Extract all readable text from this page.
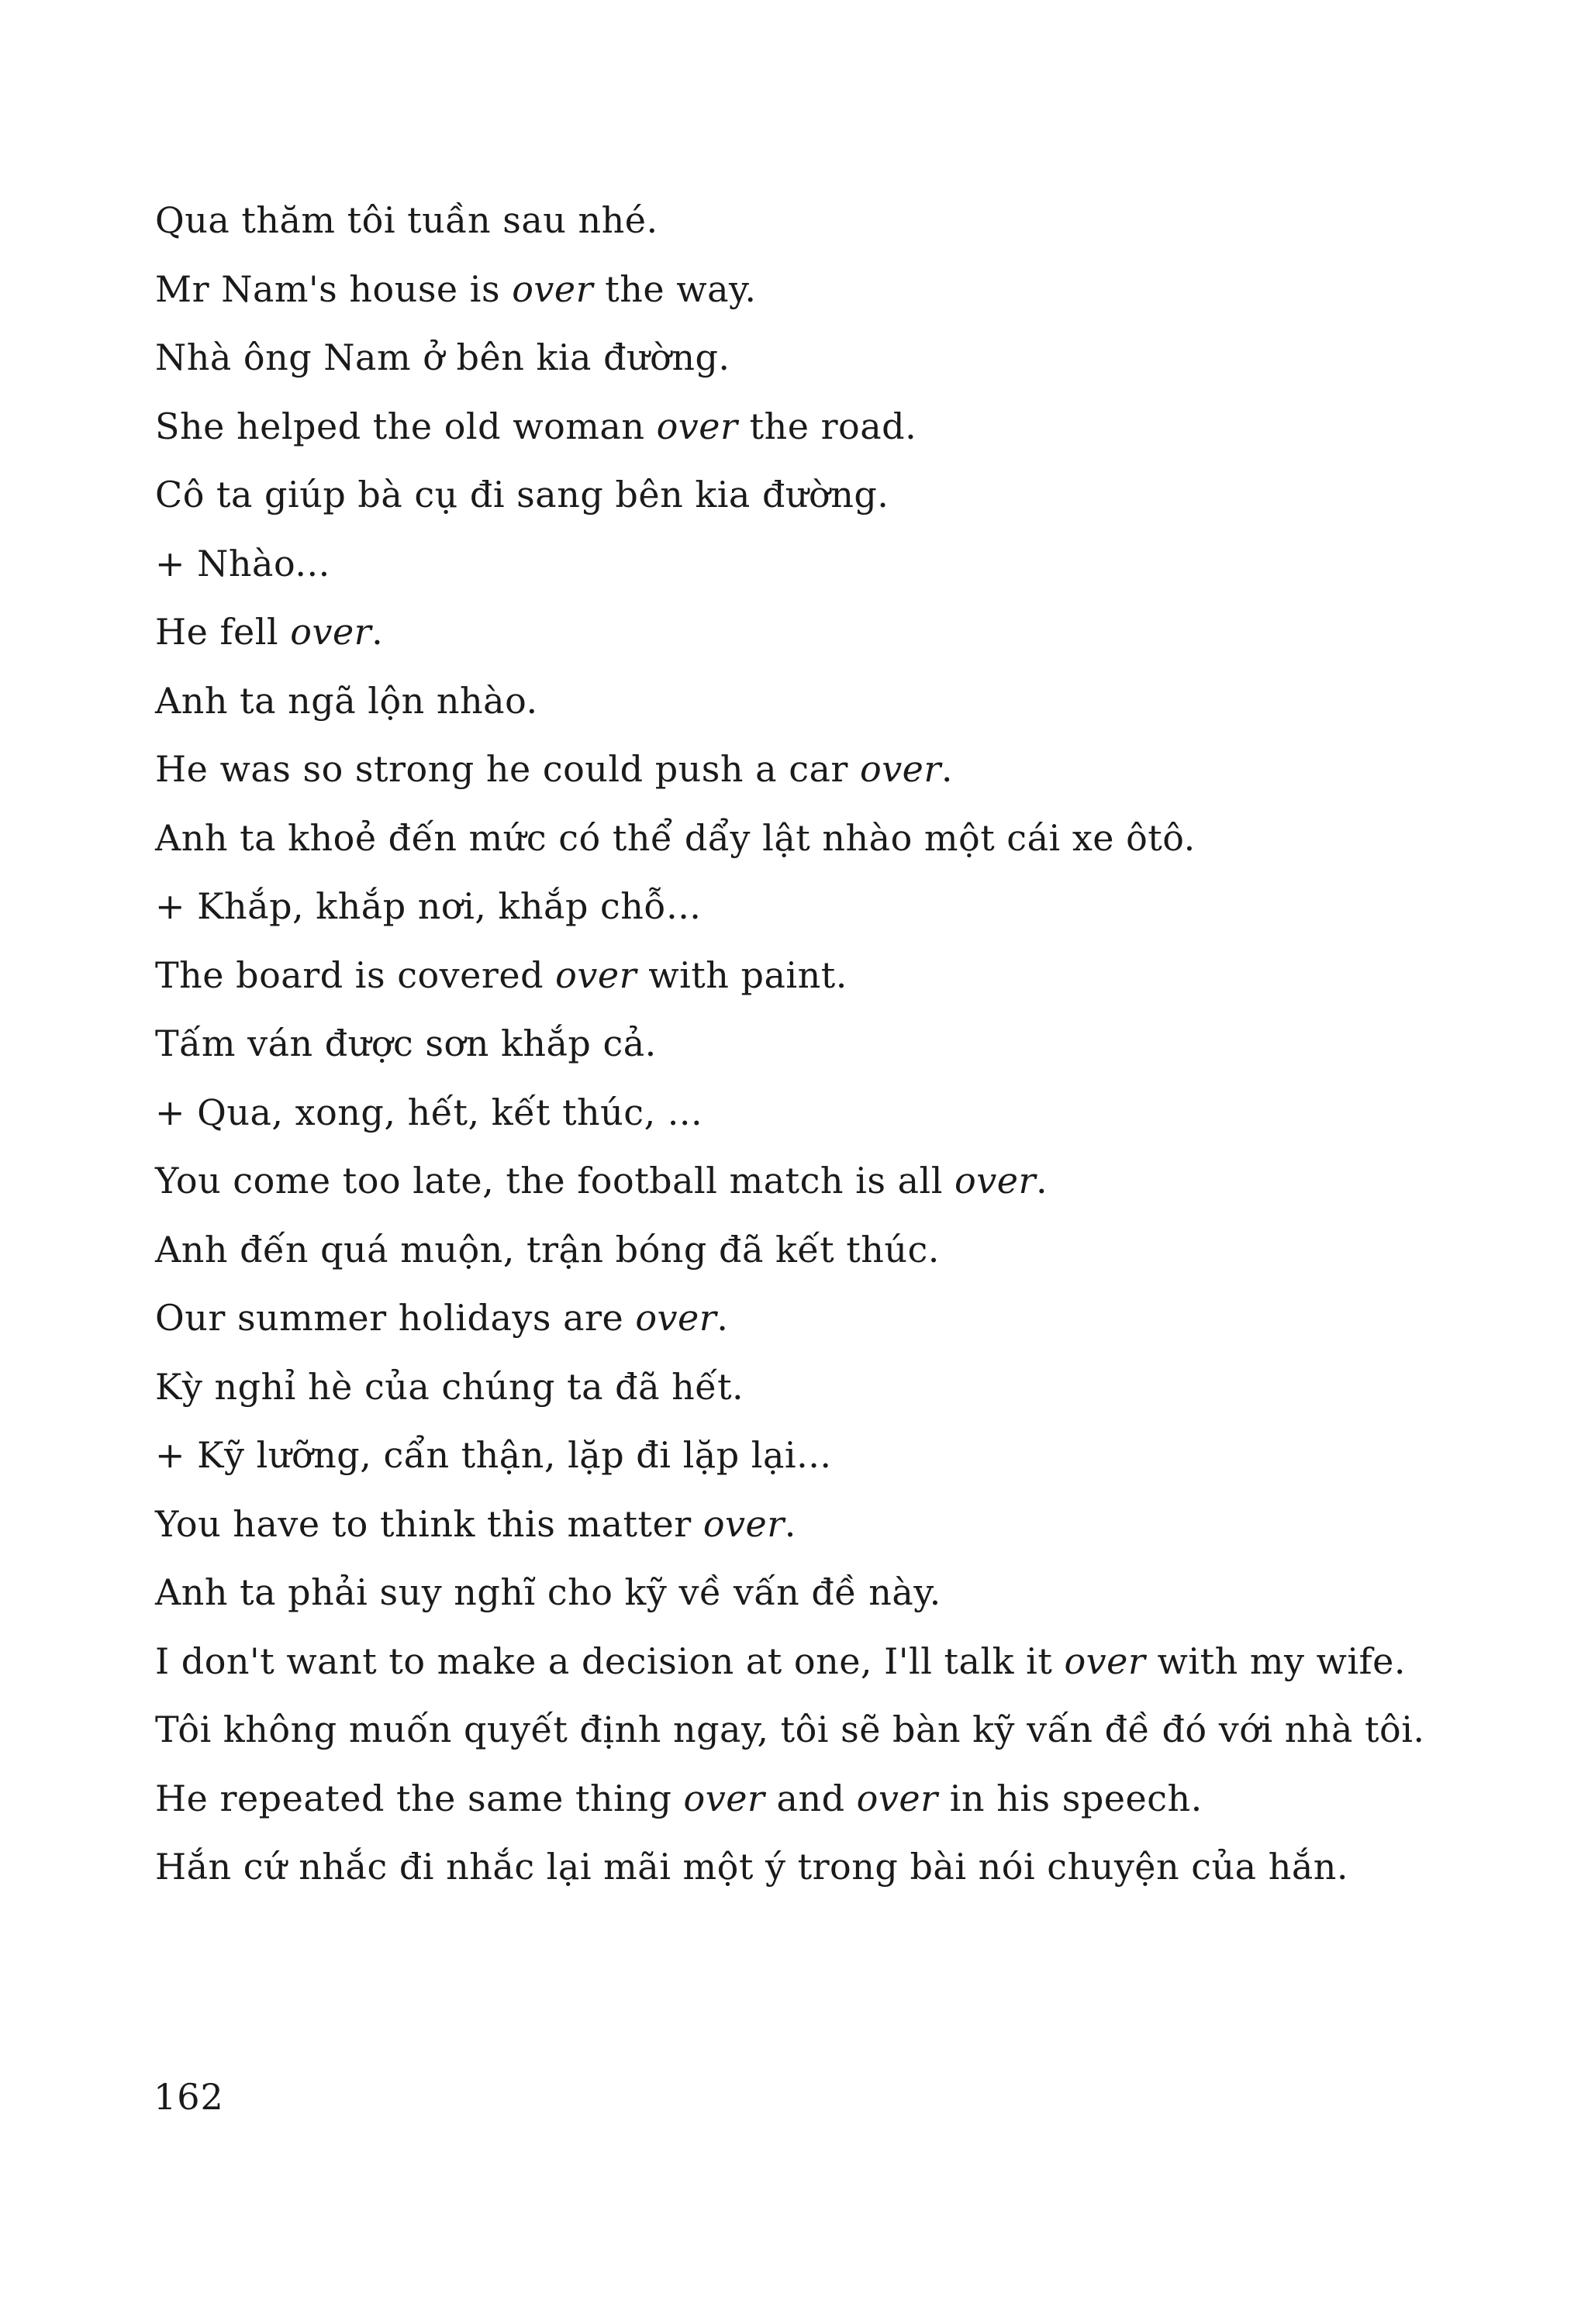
Qua thăm tôi tuần sau nhé.
Mr Nam's house is over the way.
Nhà ông Nam ở bên kia đường.
She helped the old woman over the road.
Cô ta giúp bà cụ đi sang bên kia đường.
+ Nhào...
He fell over.
Anh ta ngã lộn nhào.
He was so strong he could push a car over.
Anh ta khoẻ đến mức có thể dẩy lật nhào một cái xe ôtô.
+ Khắp, khắp nơi, khắp chỗ...
The board is covered over with paint.
Tấm ván được sơn khắp cả.
+ Qua, xong, hết, kết thúc, ...
You come too late, the football match is all over.
Anh đến quá muộn, trận bóng đã kết thúc.
Our summer holidays are over.
Kỳ nghỉ hè của chúng ta đã hết.
+ Kỹ lưỡng, cẩn thận, lặp đi lặp lại...
You have to think this matter over.
Anh ta phải suy nghĩ cho kỹ về vấn đề này.
I don't want to make a decision at one, I'll talk it over with my wife.
Tôi không muốn quyết định ngay, tôi sẽ bàn kỹ vấn đề đó với nhà tôi.
He repeated the same thing over and over in his speech.
Hắn cứ nhắc đi nhắc lại mãi một ý trong bài nói chuyện của hắn.
162
